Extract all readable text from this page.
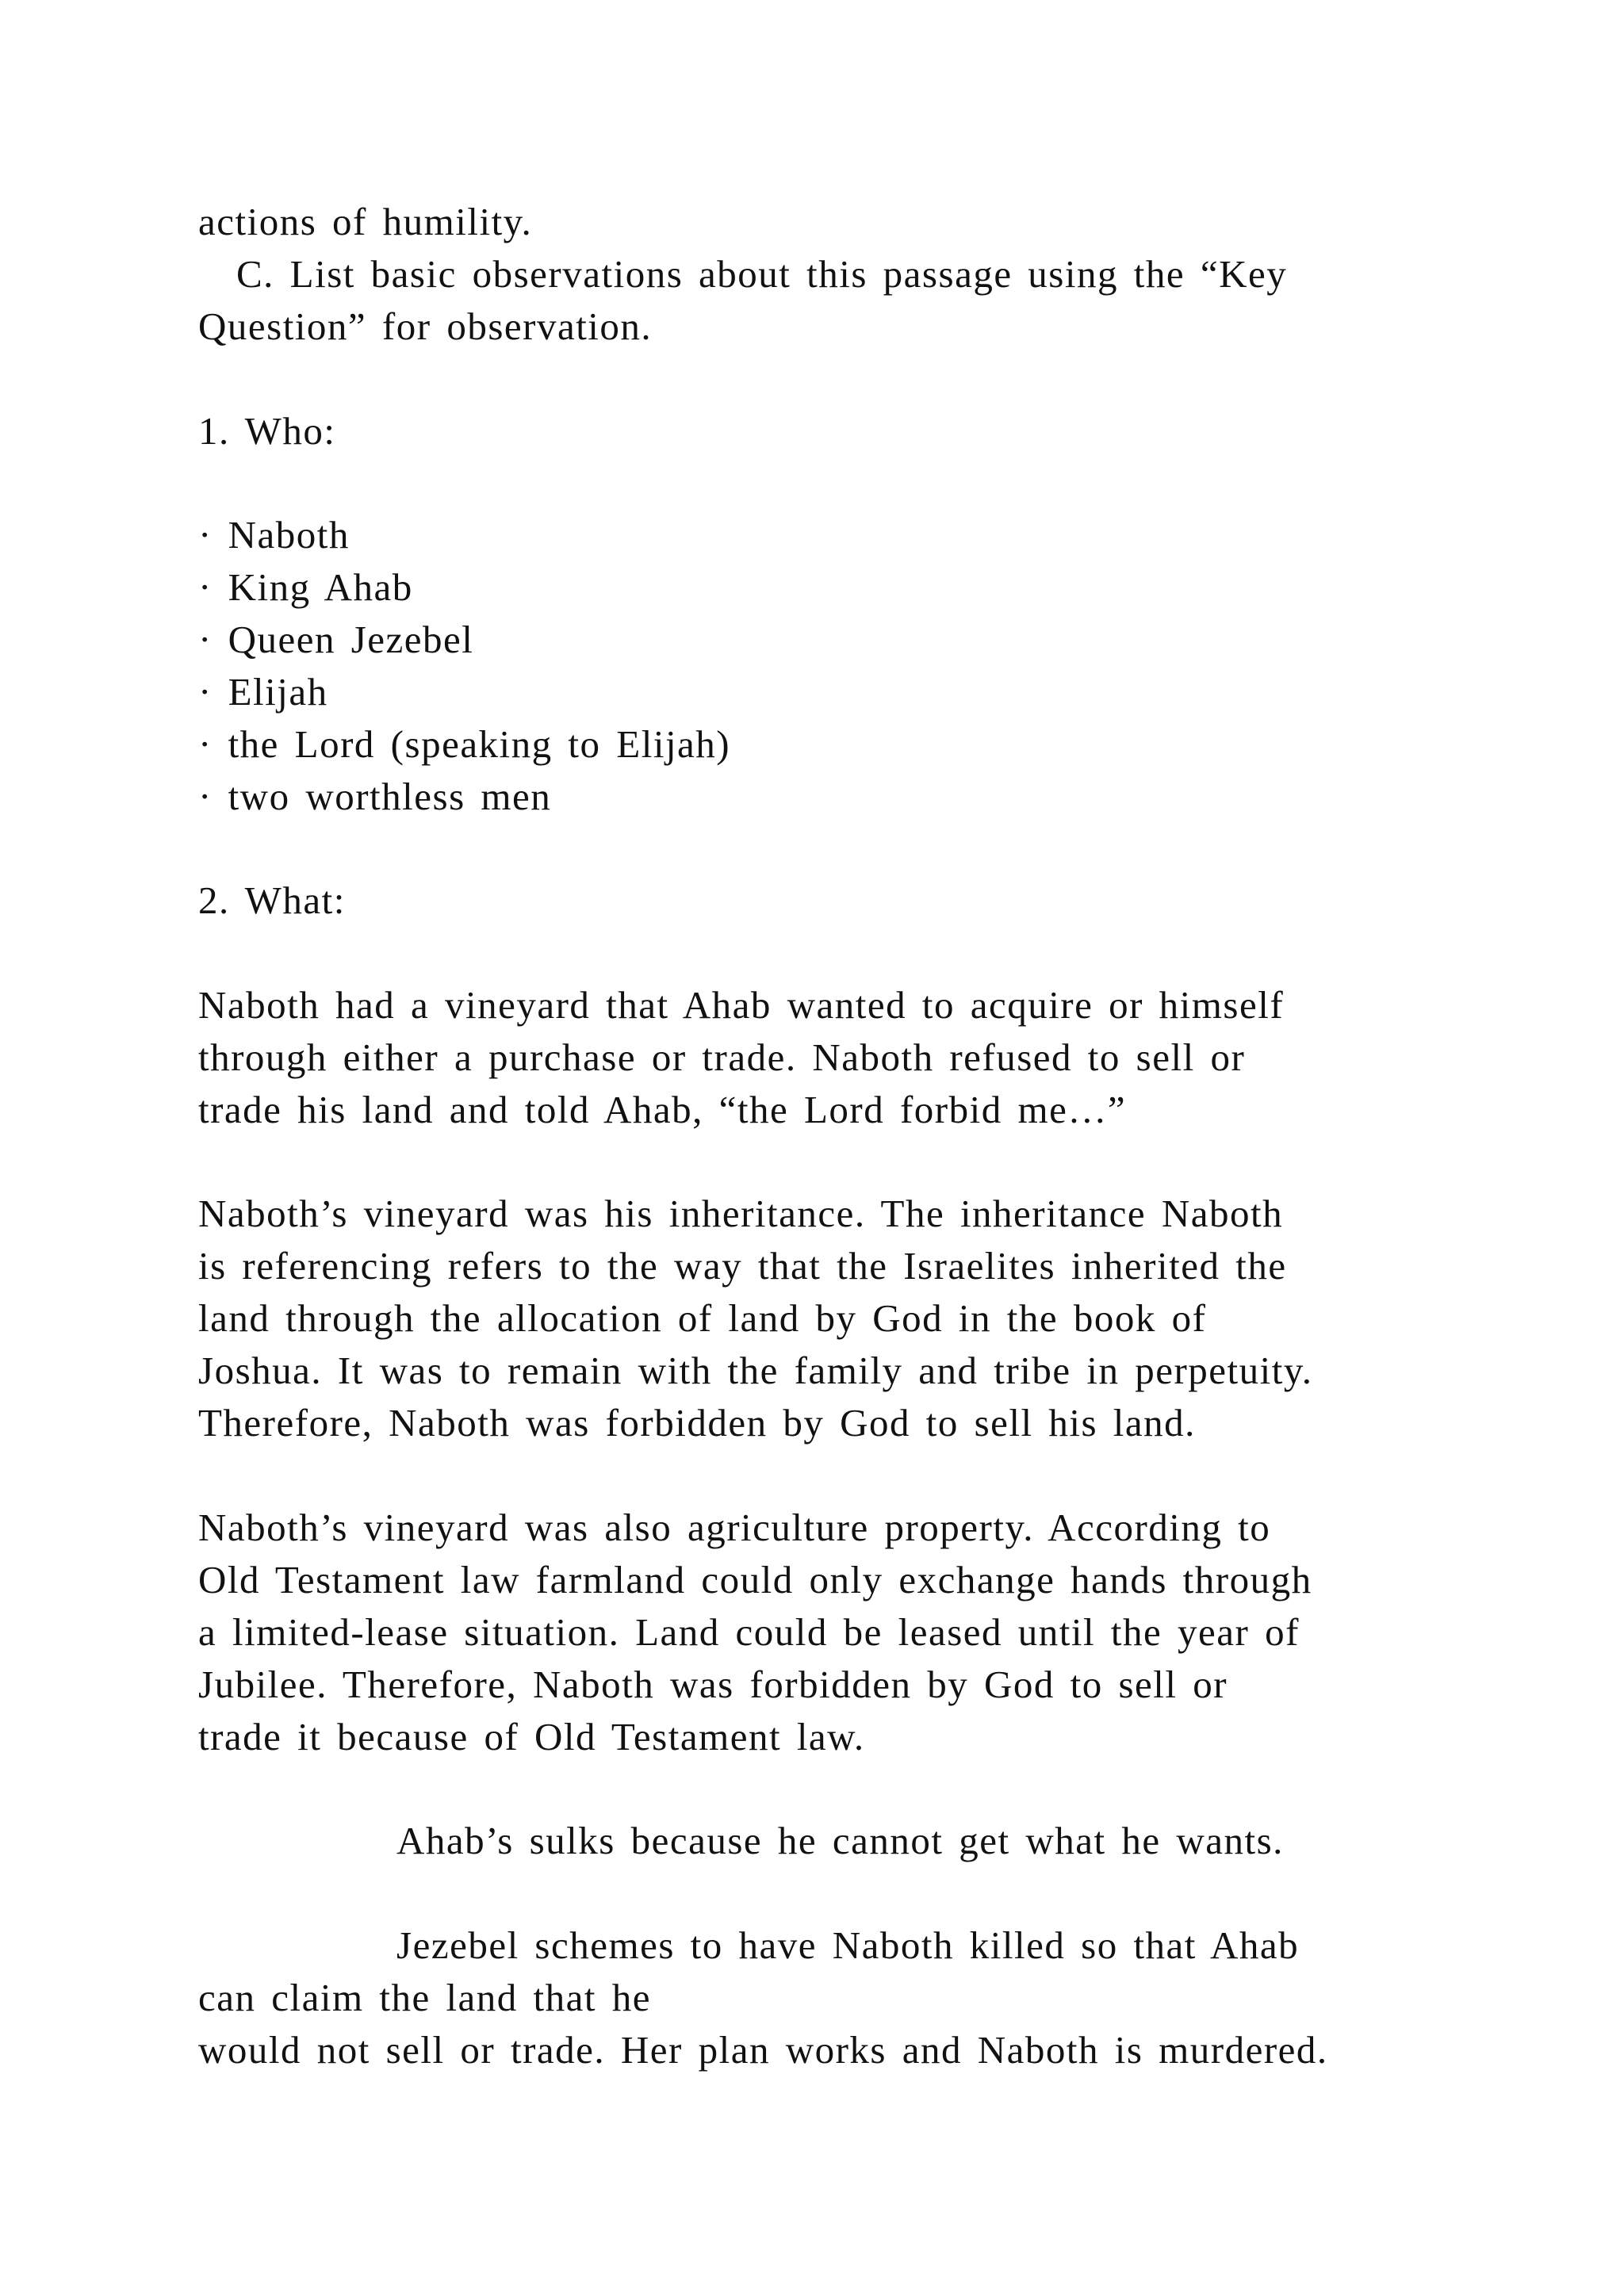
actions of humility.

C. List basic observations about this passage using the “Key

Question” for observation.

1. Who:

· Naboth

· King Ahab

· Queen Jezebel

· Elijah

· the Lord (speaking to Elijah)

· two worthless men

2. What:

Naboth had a vineyard that Ahab wanted to acquire or himself

through either a purchase or trade. Naboth refused to sell or

trade his land and told Ahab, “the Lord forbid me…”

Naboth’s vineyard was his inheritance. The inheritance Naboth

is referencing refers to the way that the Israelites inherited the

land through the allocation of land by God in the book of

Joshua. It was to remain with the family and tribe in perpetuity.

Therefore, Naboth was forbidden by God to sell his land.

Naboth’s vineyard was also agriculture property. According to

Old Testament law farmland could only exchange hands through

a limited-lease situation. Land could be leased until the year of

Jubilee. Therefore, Naboth was forbidden by God to sell or

trade it because of Old Testament law.

Ahab’s sulks because he cannot get what he wants.

Jezebel schemes to have Naboth killed so that Ahab

can claim the land that he

would not sell or trade. Her plan works and Naboth is murdered.
